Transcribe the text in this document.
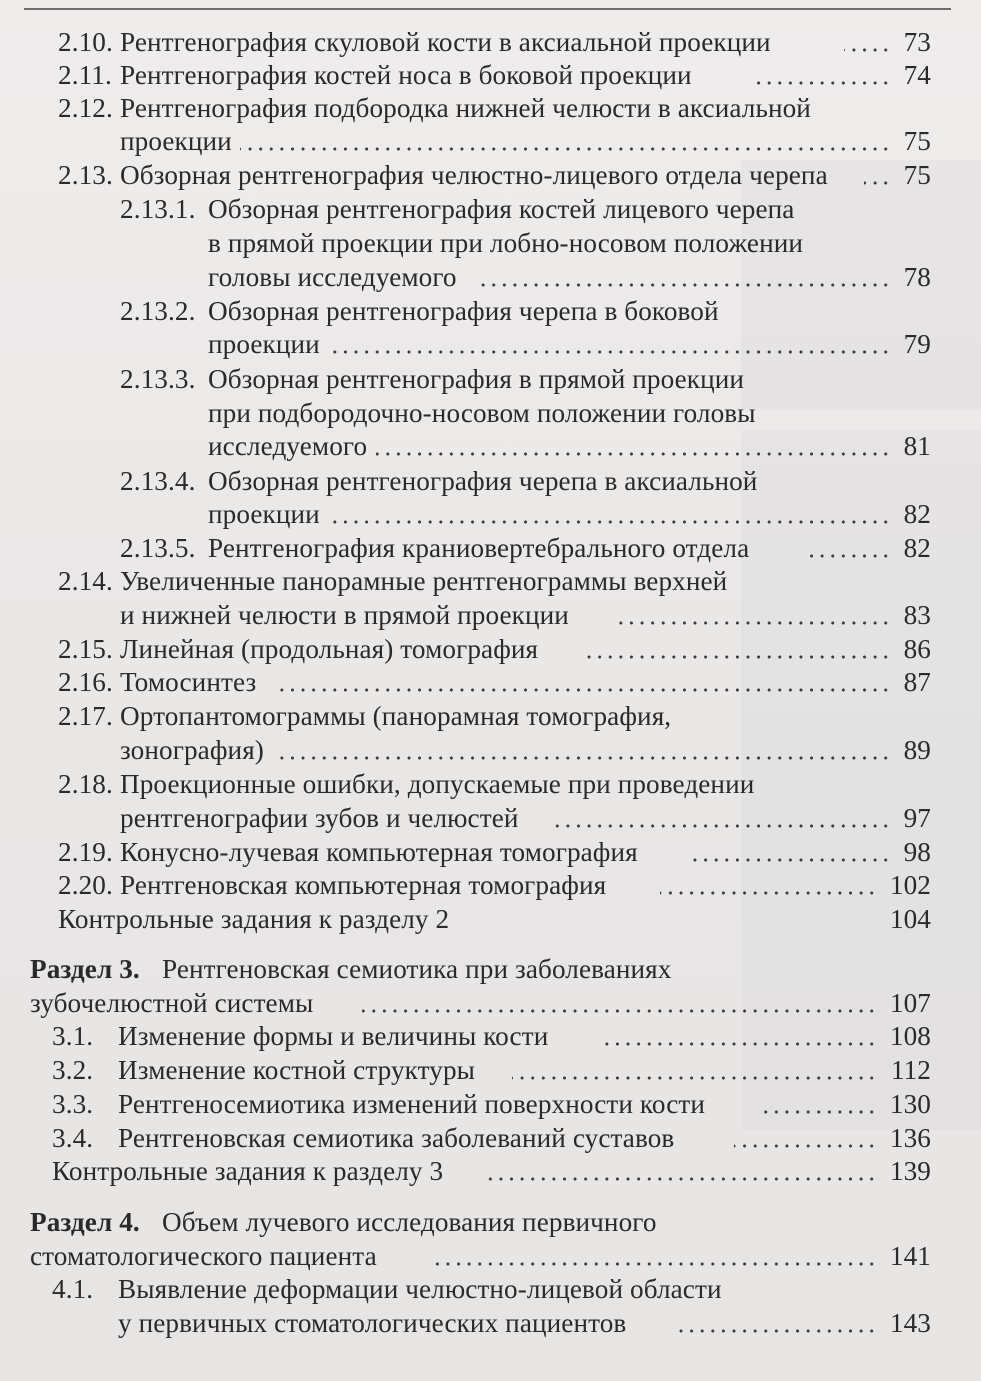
2.10. Рентгенография скуловой кости в аксиальной проекции	73
2.11. Рентгенография костей носа в боковой проекции	74
2.12. Рентгенография подбородка нижней челюсти в аксиальной
проекции	75
2.13. Обзорная рентгенография челюстно-лицевого отдела черепа	75
2.13.1. Обзорная рентгенография костей лицевого черепа
в прямой проекции при лобно-носовом положении
головы исследуемого	78
2.13.2. Обзорная рентгенография черепа в боковой
проекции	79
2.13.3. Обзорная рентгенография в прямой проекции
при подбородочно-носовом положении головы
исследуемого	81
2.13.4. Обзорная рентгенография черепа в аксиальной
проекции	82
2.13.5. Рентгенография краниовертебрального отдела	82
2.14. Увеличенные панорамные рентгенограммы верхней
и нижней челюсти в прямой проекции	83
2.15. Линейная (продольная) томография	86
2.16. Томосинтез	87
2.17. Ортопантомограммы (панорамная томография,
зонография)	89
2.18. Проекционные ошибки, допускаемые при проведении
рентгенографии зубов и челюстей	97
2.19. Конусно-лучевая компьютерная томография	98
2.20. Рентгеновская компьютерная томография	102
Контрольные задания к разделу 2	104
Раздел 3. Рентгеновская семиотика при заболеваниях
зубочелюстной системы	107
3.1. Изменение формы и величины кости	108
3.2. Изменение костной структуры	112
3.3. Рентгеносемиотика изменений поверхности кости	130
3.4. Рентгеновская семиотика заболеваний суставов	136
Контрольные задания к разделу 3	139
Раздел 4. Объем лучевого исследования первичного
стоматологического пациента	141
4.1. Выявление деформации челюстно-лицевой области
у первичных стоматологических пациентов	143
